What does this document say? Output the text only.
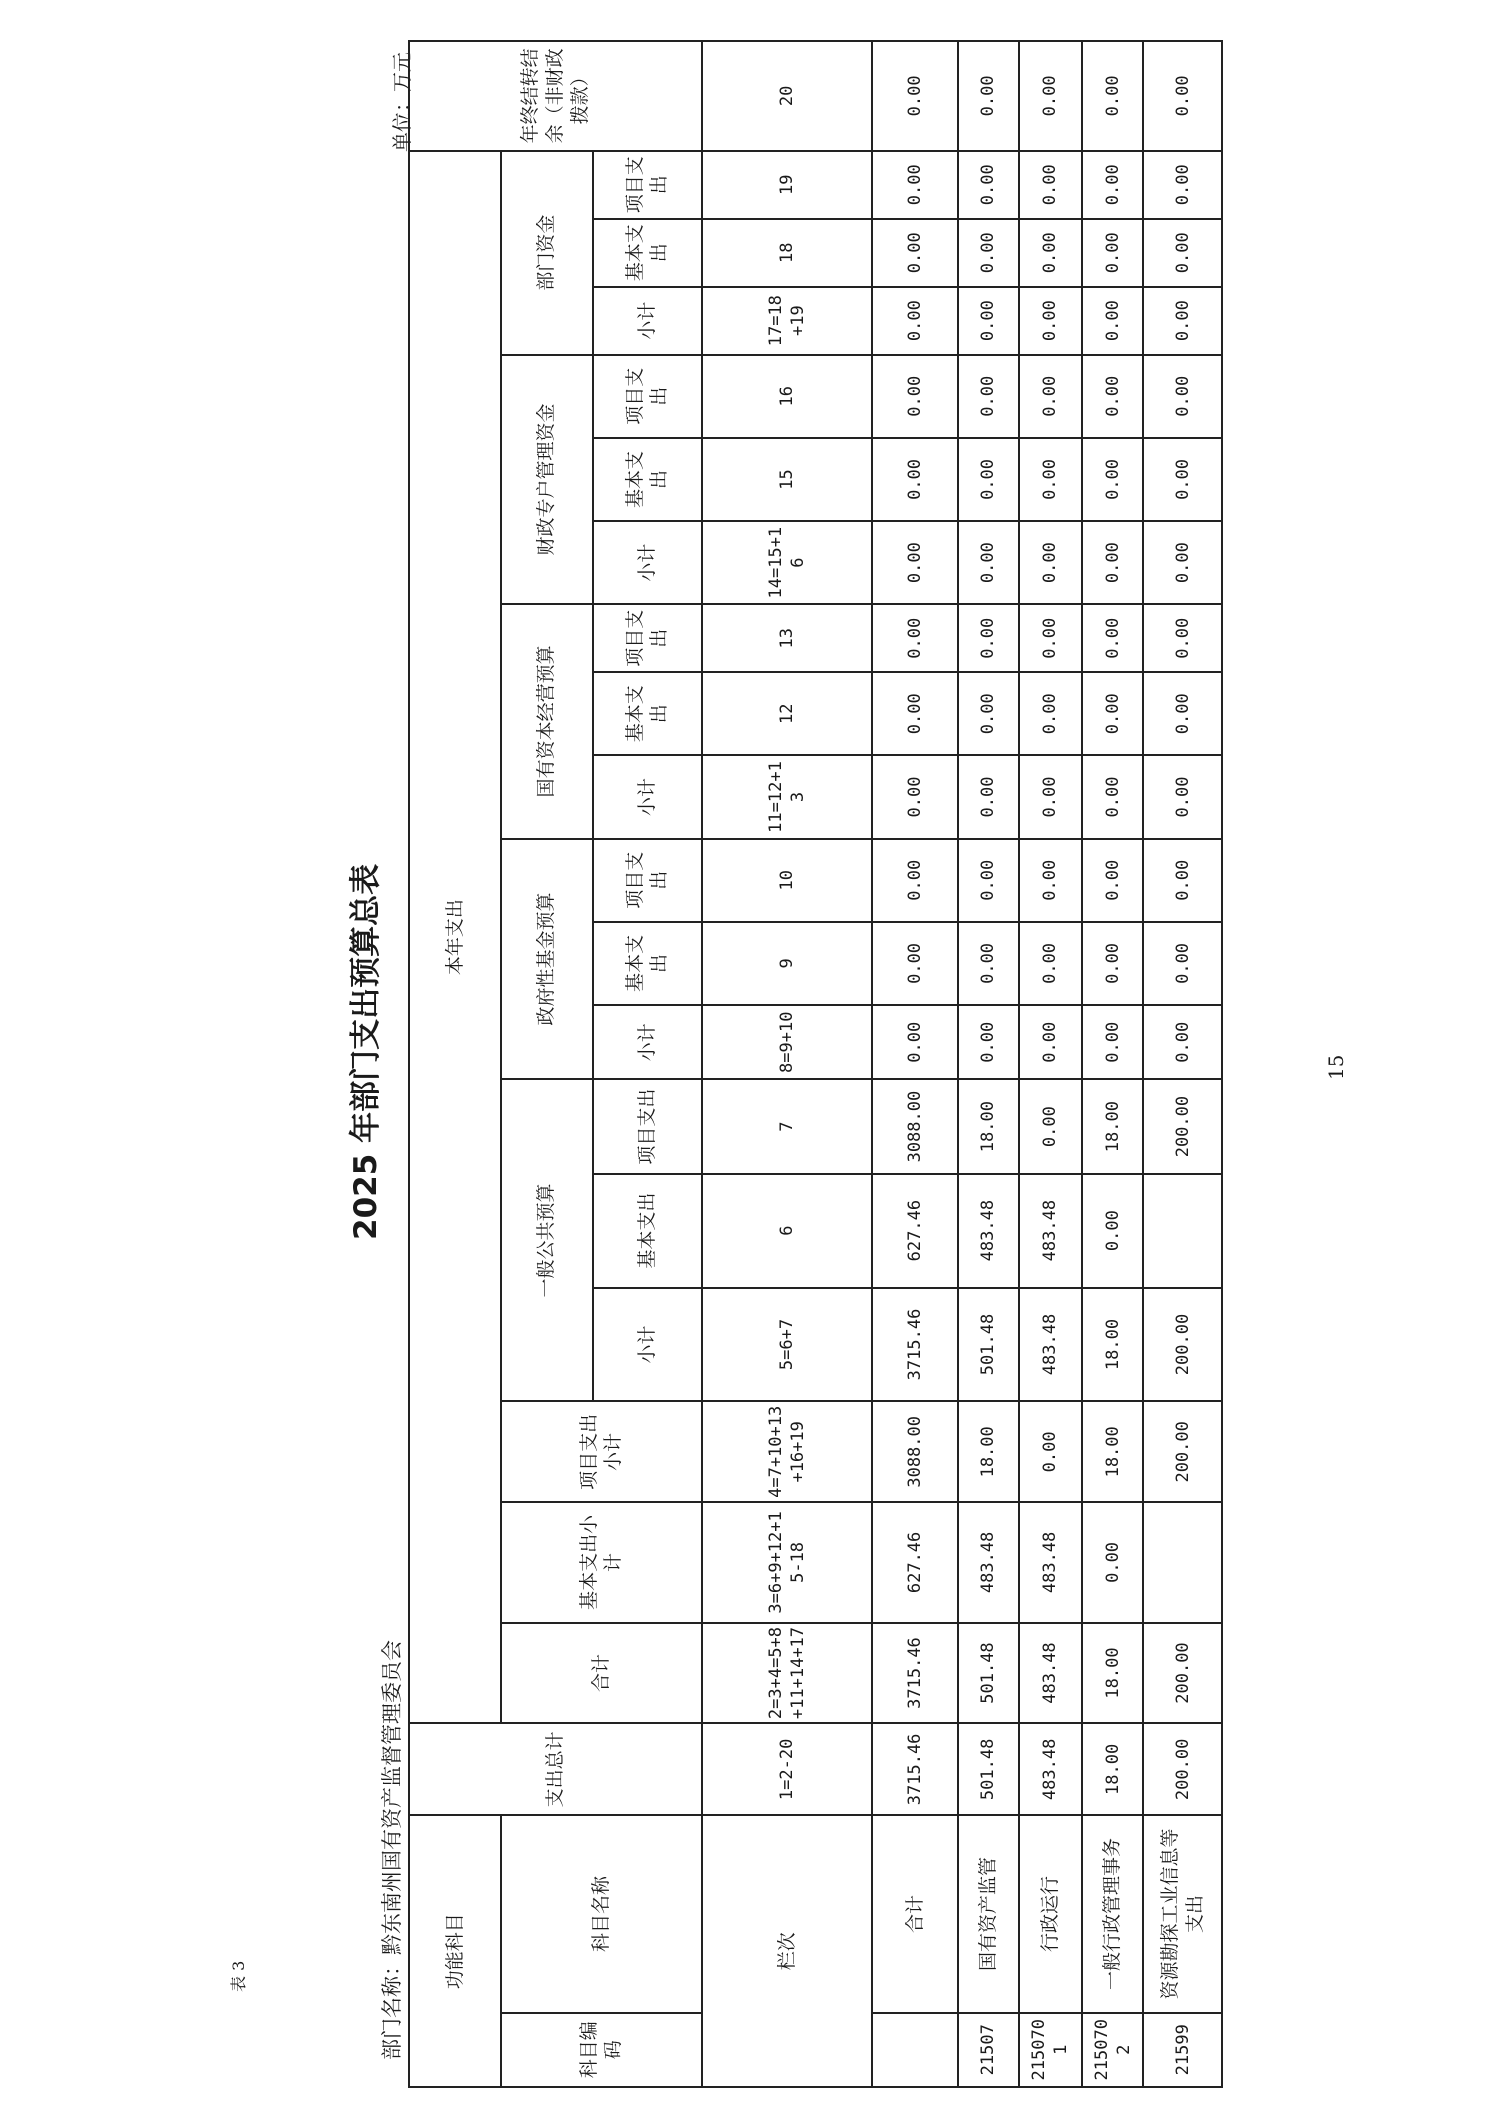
表 3	部门名称：黔东南州国有资产监督管理委员会
单位：万元
2025 年部门支出预算总表	15
功能科目		支出总计	本年支出																		年终结转结余（非财政拨款）
科目编码	科目名称		合计	基本支出小计	项目支出小计	一般公共预算			政府性基金预算			国有资本经营预算			财政专户管理资金			部门资金			
						小计	基本支出	项目支出	小计	基本支出	项目支出	小计	基本支出	项目支出	小计	基本支出	项目支出	小计	基本支出	项目支出	

栏次		1=2-20	2=3+4=5+8+11+14+17	3=6+9+12+15-18	4=7+10+13+16+19	5=6+7	6	7	8=9+10	9	10	11=12+13	12	13	14=15+16	15	16	17=18+19	18	19	20
	合计	3715.46	3715.46	627.46	3088.00	3715.46	627.46	3088.00	0.00	0.00	0.00	0.00	0.00	0.00	0.00	0.00	0.00	0.00	0.00	0.00	0.00
21507	国有资产监管	501.48	501.48	483.48	18.00	501.48	483.48	18.00	0.00	0.00	0.00	0.00	0.00	0.00	0.00	0.00	0.00	0.00	0.00	0.00	0.00
2150701	行政运行	483.48	483.48	483.48	0.00	483.48	483.48	0.00	0.00	0.00	0.00	0.00	0.00	0.00	0.00	0.00	0.00	0.00	0.00	0.00	0.00
2150702	一般行政管理事务	18.00	18.00	0.00	18.00	18.00	0.00	18.00	0.00	0.00	0.00	0.00	0.00	0.00	0.00	0.00	0.00	0.00	0.00	0.00	0.00
21599	资源勘探工业信息等支出	200.00	200.00		200.00	200.00		200.00	0.00	0.00	0.00	0.00	0.00	0.00	0.00	0.00	0.00	0.00	0.00	0.00	0.00
